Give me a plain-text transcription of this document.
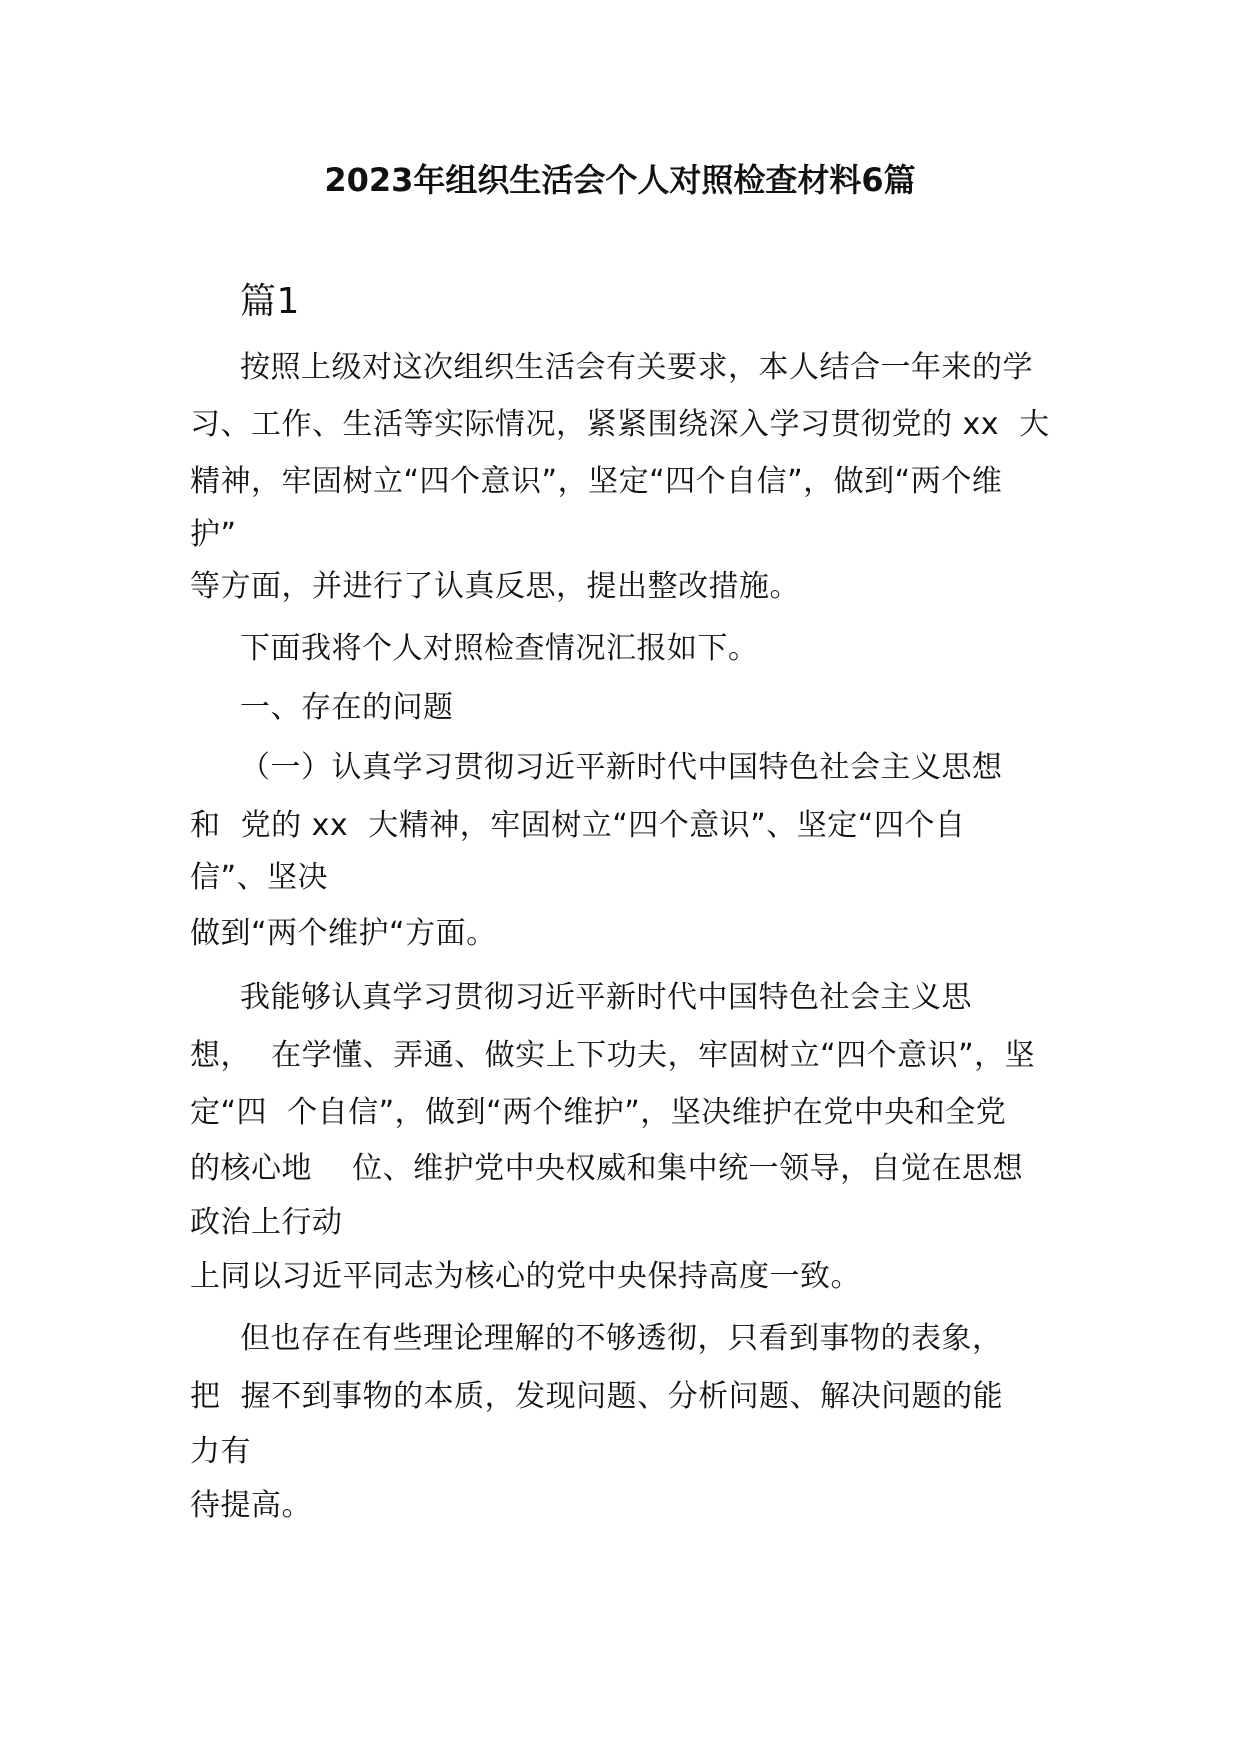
2023年组织生活会个人对照检查材料6篇
篇1
按照上级对这次组织生活会有关要求，本人结合一年来的学
习、工作、生活等实际情况，紧紧围绕深入学习贯彻党的 xx  大
精神，牢固树立“四个意识”，坚定“四个自信”，做到“两个维
护”
等方面，并进行了认真反思，提出整改措施。
下面我将个人对照检查情况汇报如下。
一、存在的问题
（一）认真学习贯彻习近平新时代中国特色社会主义思想
和  党的 xx  大精神，牢固树立“四个意识”、坚定“四个自
信”、坚决
做到“两个维护“方面。
我能够认真学习贯彻习近平新时代中国特色社会主义思
想，  在学懂、弄通、做实上下功夫，牢固树立“四个意识”，坚
定“四  个自信”，做到“两个维护”，坚决维护在党中央和全党
的核心地    位、维护党中央权威和集中统一领导，自觉在思想
政治上行动
上同以习近平同志为核心的党中央保持高度一致。
但也存在有些理论理解的不够透彻，只看到事物的表象，
把  握不到事物的本质，发现问题、分析问题、解决问题的能
力有
待提高。
